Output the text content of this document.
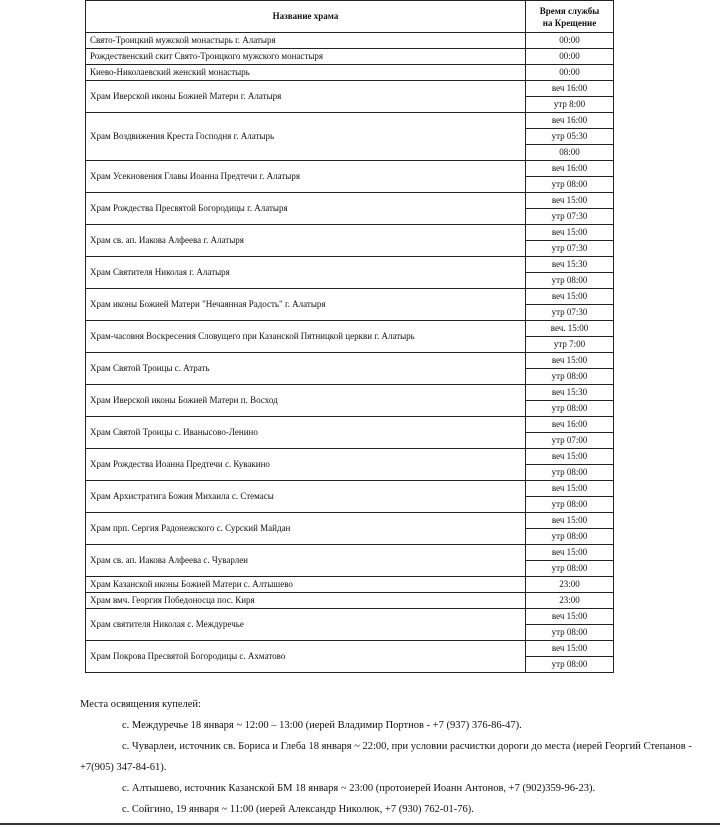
Название храма	Время службы
на Крещение
Свято-Троицкий мужской монастырь г. Алатыря	00:00

Рождественский скит Свято-Троицкого мужского монастыря	00:00

Киево-Николаевский женский монастырь	00:00

Храм Иверской иконы Божией Матери г. Алатыря	веч 16:00
утр 8:00

Храм Воздвижения Креста Господня г. Алатырь	веч 16:00
утр 05:30
08:00

Храм Усекновения Главы Иоанна Предтечи г. Алатыря	веч 16:00
утр 08:00

Храм Рождества Пресвятой Богородицы г. Алатыря	веч 15:00
утр 07:30

Храм св. ап. Иакова Алфеева г. Алатыря	веч 15:00
утр 07:30

Храм Святителя Николая г. Алатыря	веч 15:30
утр 08:00

Храм иконы Божией Матери "Нечаянная Радость" г. Алатыря	веч 15:00
утр 07:30

Храм-часовня Воскресения Словущего при Казанской Пятницкой церкви г. Алатырь	веч. 15:00
утр 7:00

Храм Святой Троицы с. Атрать	веч 15:00
утр 08:00

Храм Иверской иконы Божией Матери п. Восход	веч 15:30
утр 08:00

Храм Святой Троицы с. Иванысово-Ленино	веч 16:00
утр 07:00

Храм Рождества Иоанна Предтечи с. Кувакино	веч 15:00
утр 08:00

Храм Архистратига Божия Михаила с. Стемасы	веч 15:00
утр 08:00

Храм прп. Сергия Радонежского с. Сурский Майдан	веч 15:00
утр 08:00

Храм св. ап. Иакова Алфеева с. Чуварлеи	веч 15:00
утр 08:00

Храм Казанской иконы Божией Матери с. Алтышево	23:00

Храм вмч. Георгия Победоносца пос. Киря	23:00

Храм святителя Николая с. Междуречье	веч 15:00
утр 08:00

Храм Покрова Пресвятой Богородицы с. Ахматово	веч 15:00
утр 08:00

Места освящения купелей:

с. Междуречье 18 января ~ 12:00 – 13:00 (иерей Владимир Портнов - +7 (937) 376-86-47).

с. Чуварлеи, источник св. Бориса и Глеба 18 января ~ 22:00, при условии расчистки дороги до места (иерей Георгий Степанов - +7(905) 347-84-61).

с. Алтышево, источник Казанской БМ 18 января ~ 23:00 (протоиерей Иоанн Антонов, +7 (902)359-96-23).

с. Сойгино, 19 января ~ 11:00 (иерей Александр Николюк, +7 (930) 762-01-76).
